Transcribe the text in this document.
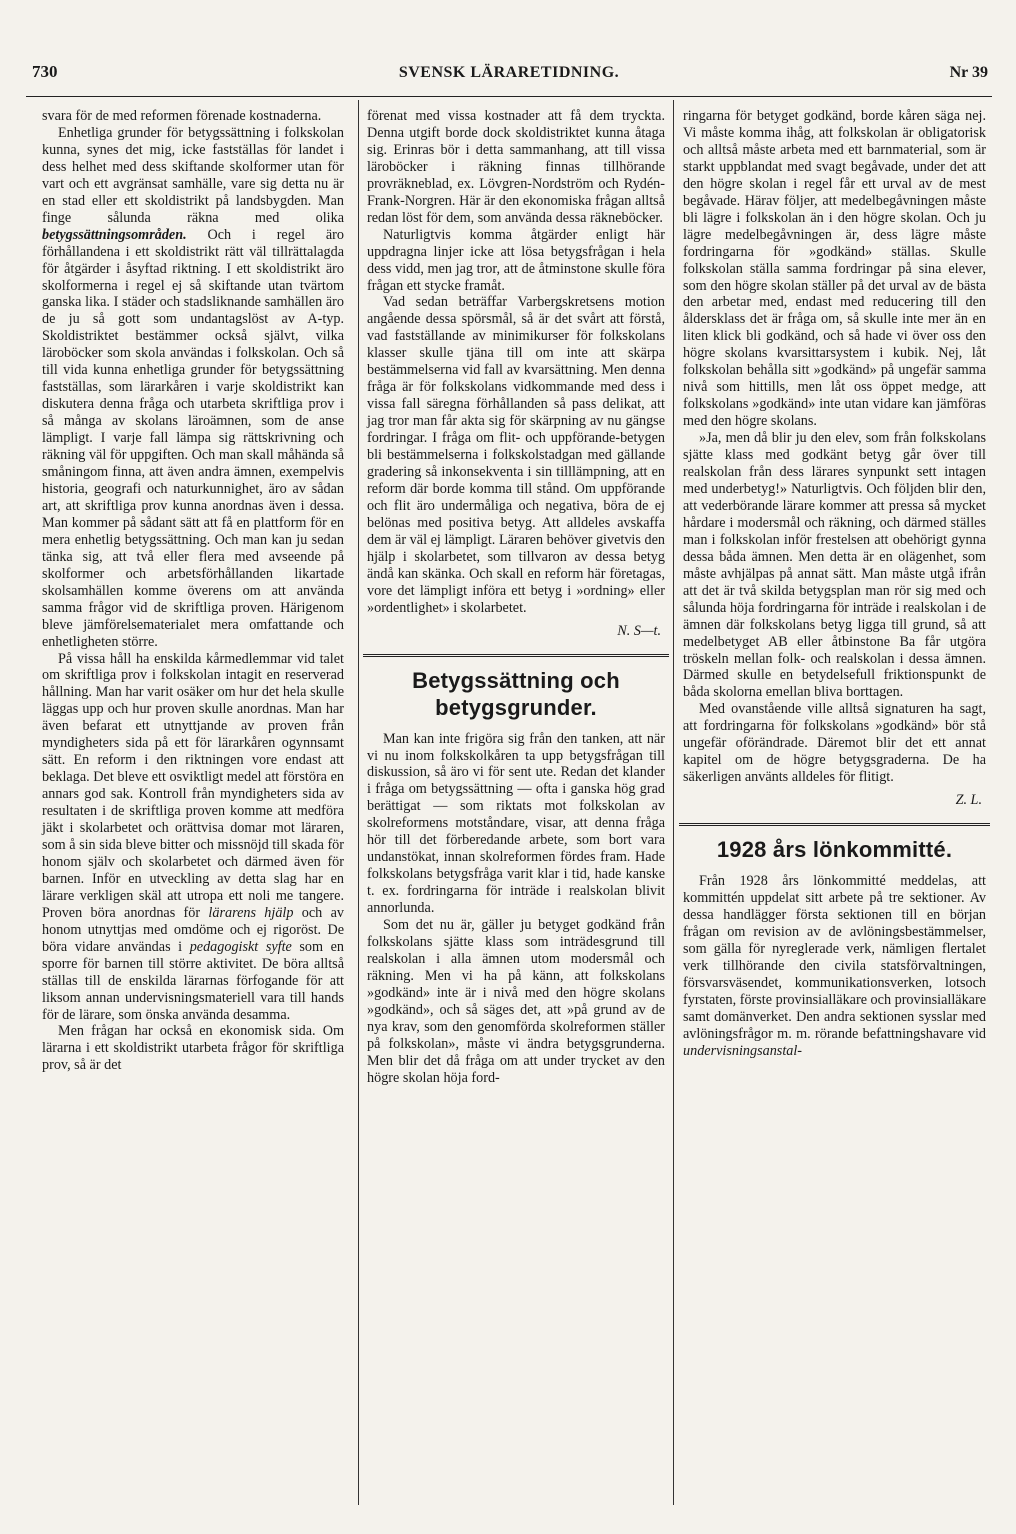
730	SVENSK LÄRARETIDNING.	Nr 39

svara för de med reformen förenade kostnaderna.

Enhetliga grunder för betygssättning i folkskolan kunna, synes det mig, icke fastställas för landet i dess helhet med dess skiftande skolformer utan för vart och ett avgränsat samhälle, vare sig detta nu är en stad eller ett skoldistrikt på landsbygden. Man finge sålunda räkna med olika betygssättningsområden. Och i regel äro förhållandena i ett skoldistrikt rätt väl tillrättalagda för åtgärder i åsyftad riktning. I ett skoldistrikt äro skolformerna i regel ej så skiftande utan tvärtom ganska lika. I städer och stadsliknande samhällen äro de ju så gott som undantagslöst av A-typ. Skoldistriktet bestämmer också självt, vilka läroböcker som skola användas i folkskolan. Och så till vida kunna enhetliga grunder för betygssättning fastställas, som lärarkåren i varje skoldistrikt kan diskutera denna fråga och utarbeta skriftliga prov i så många av skolans läroämnen, som de anse lämpligt. I varje fall lämpa sig rättskrivning och räkning väl för uppgiften. Och man skall måhända så småningom finna, att även andra ämnen, exempelvis historia, geografi och naturkunnighet, äro av sådan art, att skriftliga prov kunna anordnas även i dessa. Man kommer på sådant sätt att få en plattform för en mera enhetlig betygssättning. Och man kan ju sedan tänka sig, att två eller flera med avseende på skolformer och arbetsförhållanden likartade skolsamhällen komme överens om att använda samma frågor vid de skriftliga proven. Härigenom bleve jämförelsematerialet mera omfattande och enhetligheten större.

På vissa håll ha enskilda kårmedlemmar vid talet om skriftliga prov i folkskolan intagit en reserverad hållning. Man har varit osäker om hur det hela skulle läggas upp och hur proven skulle anordnas. Man har även befarat ett utnyttjande av proven från myndigheters sida på ett för lärarkåren ogynnsamt sätt. En reform i den riktningen vore endast att beklaga. Det bleve ett osviktligt medel att förstöra en annars god sak. Kontroll från myndigheters sida av resultaten i de skriftliga proven komme att medföra jäkt i skolarbetet och orättvisa domar mot läraren, som å sin sida bleve bitter och missnöjd till skada för honom själv och skolarbetet och därmed även för barnen. Inför en utveckling av detta slag har en lärare verkligen skäl att utropa ett noli me tangere. Proven böra anordnas för lärarens hjälp och av honom utnyttjas med omdöme och ej rigoröst. De böra vidare användas i pedagogiskt syfte som en sporre för barnen till större aktivitet. De böra alltså ställas till de enskilda lärarnas förfogande för att liksom annan undervisningsmateriell vara till hands för de lärare, som önska använda desamma.

Men frågan har också en ekonomisk sida. Om lärarna i ett skoldistrikt utarbeta frågor för skriftliga prov, så är det

förenat med vissa kostnader att få dem tryckta. Denna utgift borde dock skoldistriktet kunna åtaga sig. Erinras bör i detta sammanhang, att till vissa läroböcker i räkning finnas tillhörande provräkneblad, ex. Lövgren-Nordström och Rydén-Frank-Norgren. Här är den ekonomiska frågan alltså redan löst för dem, som använda dessa räkneböcker.

Naturligtvis komma åtgärder enligt här uppdragna linjer icke att lösa betygsfrågan i hela dess vidd, men jag tror, att de åtminstone skulle föra frågan ett stycke framåt.

Vad sedan beträffar Varbergskretsens motion angående dessa spörsmål, så är det svårt att förstå, vad fastställande av minimikurser för folkskolans klasser skulle tjäna till om inte att skärpa bestämmelserna vid fall av kvarsättning. Men denna fråga är för folkskolans vidkommande med dess i vissa fall säregna förhållanden så pass delikat, att jag tror man får akta sig för skärpning av nu gängse fordringar. I fråga om flit- och uppförande-betygen bli bestämmelserna i folkskolstadgan med gällande gradering så inkonsekventa i sin tilllämpning, att en reform där borde komma till stånd. Om uppförande och flit äro undermåliga och negativa, böra de ej belönas med positiva betyg. Att alldeles avskaffa dem är väl ej lämpligt. Läraren behöver givetvis den hjälp i skolarbetet, som tillvaron av dessa betyg ändå kan skänka. Och skall en reform här företagas, vore det lämpligt införa ett betyg i »ordning» eller »ordentlighet» i skolarbetet.

N. S—t.
Betygssättning och betygsgrunder.

Man kan inte frigöra sig från den tanken, att när vi nu inom folkskolkåren ta upp betygsfrågan till diskussion, så äro vi för sent ute. Redan det klander i fråga om betygssättning — ofta i ganska hög grad berättigat — som riktats mot folkskolan av skolreformens motståndare, visar, att denna fråga hör till det förberedande arbete, som bort vara undanstökat, innan skolreformen fördes fram. Hade folkskolans betygsfråga varit klar i tid, hade kanske t. ex. fordringarna för inträde i realskolan blivit annorlunda.

Som det nu är, gäller ju betyget godkänd från folkskolans sjätte klass som inträdesgrund till realskolan i alla ämnen utom modersmål och räkning. Men vi ha på känn, att folkskolans »godkänd» inte är i nivå med den högre skolans »godkänd», och så säges det, att »på grund av de nya krav, som den genomförda skolreformen ställer på folkskolan», måste vi ändra betygsgrunderna. Men blir det då fråga om att under trycket av den högre skolan höja ford-

ringarna för betyget godkänd, borde kåren säga nej. Vi måste komma ihåg, att folkskolan är obligatorisk och alltså måste arbeta med ett barnmaterial, som är starkt uppblandat med svagt begåvade, under det att den högre skolan i regel får ett urval av de mest begåvade. Härav följer, att medelbegåvningen måste bli lägre i folkskolan än i den högre skolan. Och ju lägre medelbegåvningen är, dess lägre måste fordringarna för »godkänd» ställas. Skulle folkskolan ställa samma fordringar på sina elever, som den högre skolan ställer på det urval av de bästa den arbetar med, endast med reducering till den åldersklass det är fråga om, så skulle inte mer än en liten klick bli godkänd, och så hade vi över oss den högre skolans kvarsittarsystem i kubik. Nej, låt folkskolan behålla sitt »godkänd» på ungefär samma nivå som hittills, men låt oss öppet medge, att folkskolans »godkänd» inte utan vidare kan jämföras med den högre skolans.

»Ja, men då blir ju den elev, som från folkskolans sjätte klass med godkänt betyg går över till realskolan från dess lärares synpunkt sett intagen med underbetyg!» Naturligtvis. Och följden blir den, att vederbörande lärare kommer att pressa så mycket hårdare i modersmål och räkning, och därmed ställes man i folkskolan inför frestelsen att obehörigt gynna dessa båda ämnen. Men detta är en olägenhet, som måste avhjälpas på annat sätt. Man måste utgå ifrån att det är två skilda betygsplan man rör sig med och sålunda höja fordringarna för inträde i realskolan i de ämnen där folkskolans betyg ligga till grund, så att medelbetyget AB eller åtbinstone Ba får utgöra tröskeln mellan folk- och realskolan i dessa ämnen. Därmed skulle en betydelsefull friktionspunkt de båda skolorna emellan bliva borttagen.

Med ovanstående ville alltså signaturen ha sagt, att fordringarna för folkskolans »godkänd» bör stå ungefär oförändrade. Däremot blir det ett annat kapitel om de högre betygsgraderna. De ha säkerligen använts alldeles för flitigt.

Z. L.
1928 års lönkommitté.

Från 1928 års lönkommitté meddelas, att kommittén uppdelat sitt arbete på tre sektioner. Av dessa handlägger första sektionen till en början frågan om revision av de avlöningsbestämmelser, som gälla för nyreglerade verk, nämligen flertalet verk tillhörande den civila statsförvaltningen, försvarsväsendet, kommunikationsverken, lotsoch fyrstaten, förste provinsialläkare och provinsialläkare samt domänverket. Den andra sektionen sysslar med avlöningsfrågor m. m. rörande befattningshavare vid undervisningsanstal-
